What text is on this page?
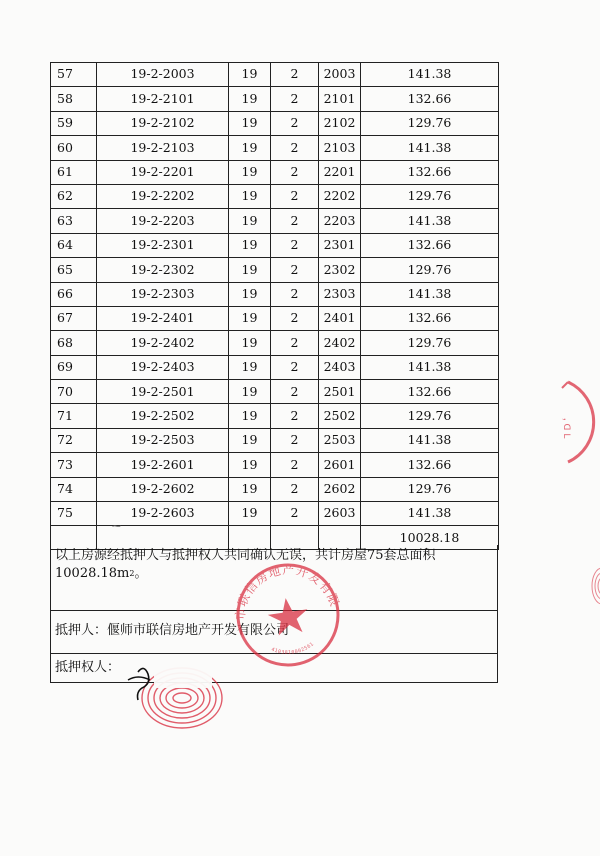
57	19-2-2003	19	2	2003	141.38
58	19-2-2101	19	2	2101	132.66
59	19-2-2102	19	2	2102	129.76
60	19-2-2103	19	2	2103	141.38
61	19-2-2201	19	2	2201	132.66
62	19-2-2202	19	2	2202	129.76
63	19-2-2203	19	2	2203	141.38
64	19-2-2301	19	2	2301	132.66
65	19-2-2302	19	2	2302	129.76
66	19-2-2303	19	2	2303	141.38
67	19-2-2401	19	2	2401	132.66
68	19-2-2402	19	2	2402	129.76
69	19-2-2403	19	2	2403	141.38
70	19-2-2501	19	2	2501	132.66
71	19-2-2502	19	2	2502	129.76
72	19-2-2503	19	2	2503	141.38
73	19-2-2601	19	2	2601	132.66
74	19-2-2602	19	2	2602	129.76
75	19-2-2603	19	2	2603	141.38
					10028.18
以上房源经抵押人与抵押权人共同确认无误，共计房屋75套总面积
$10028.18m^2$。
抵押人：偃师市联信房地产开发有限公司
抵押权人：
⁓
偃师市联信房地产开发有限公司
4103810002561
ꓹ ꓷ ꓡ
